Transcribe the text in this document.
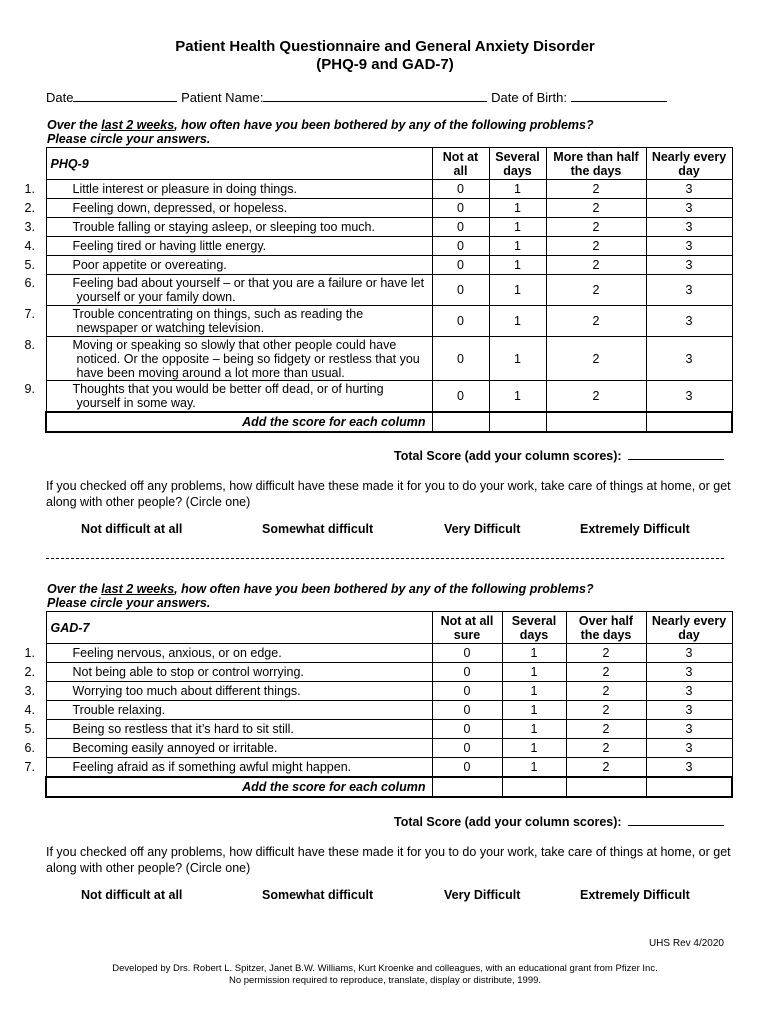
Patient Health Questionnaire and General Anxiety Disorder
(PHQ-9 and GAD-7)
Date	Patient Name:	Date of Birth:
Over the last 2 weeks, how often have you been bothered by any of the following problems?
Please circle your answers.
PHQ-9	Not at all	Several days	More than half the days	Nearly every day

1. Little interest or pleasure in doing things.	0	1	2	3

2. Feeling down, depressed, or hopeless.	0	1	2	3

3. Trouble falling or staying asleep, or sleeping too much.	0	1	2	3

4. Feeling tired or having little energy.	0	1	2	3

5. Poor appetite or overeating.	0	1	2	3

6. Feeling bad about yourself – or that you are a failure or have let yourself or your family down.	0	1	2	3

7. Trouble concentrating on things, such as reading the newspaper or watching television.	0	1	2	3

8. Moving or speaking so slowly that other people could have noticed. Or the opposite – being so fidgety or restless that you have been moving around a lot more than usual.	0	1	2	3

9. Thoughts that you would be better off dead, or of hurting yourself in some way.	0	1	2	3
Add the score for each column				
Total Score (add your column scores):
If you checked off any problems, how difficult have these made it for you to do your work, take care of things at home, or get along with other people? (Circle one)
Not difficult at all	Somewhat difficult	Very Difficult	Extremely Difficult
Over the last 2 weeks, how often have you been bothered by any of the following problems?
Please circle your answers.
GAD-7	Not at all sure	Several days	Over half the days	Nearly every day

1. Feeling nervous, anxious, or on edge.	0	1	2	3

2. Not being able to stop or control worrying.	0	1	2	3

3. Worrying too much about different things.	0	1	2	3

4. Trouble relaxing.	0	1	2	3

5. Being so restless that it’s hard to sit still.	0	1	2	3

6. Becoming easily annoyed or irritable.	0	1	2	3

7. Feeling afraid as if something awful might happen.	0	1	2	3
Add the score for each column				
Total Score (add your column scores):
If you checked off any problems, how difficult have these made it for you to do your work, take care of things at home, or get along with other people? (Circle one)
Not difficult at all	Somewhat difficult	Very Difficult	Extremely Difficult
UHS Rev 4/2020
Developed by Drs. Robert L. Spitzer, Janet B.W. Williams, Kurt Kroenke and colleagues, with an educational grant from Pfizer Inc.
No permission required to reproduce, translate, display or distribute, 1999.
